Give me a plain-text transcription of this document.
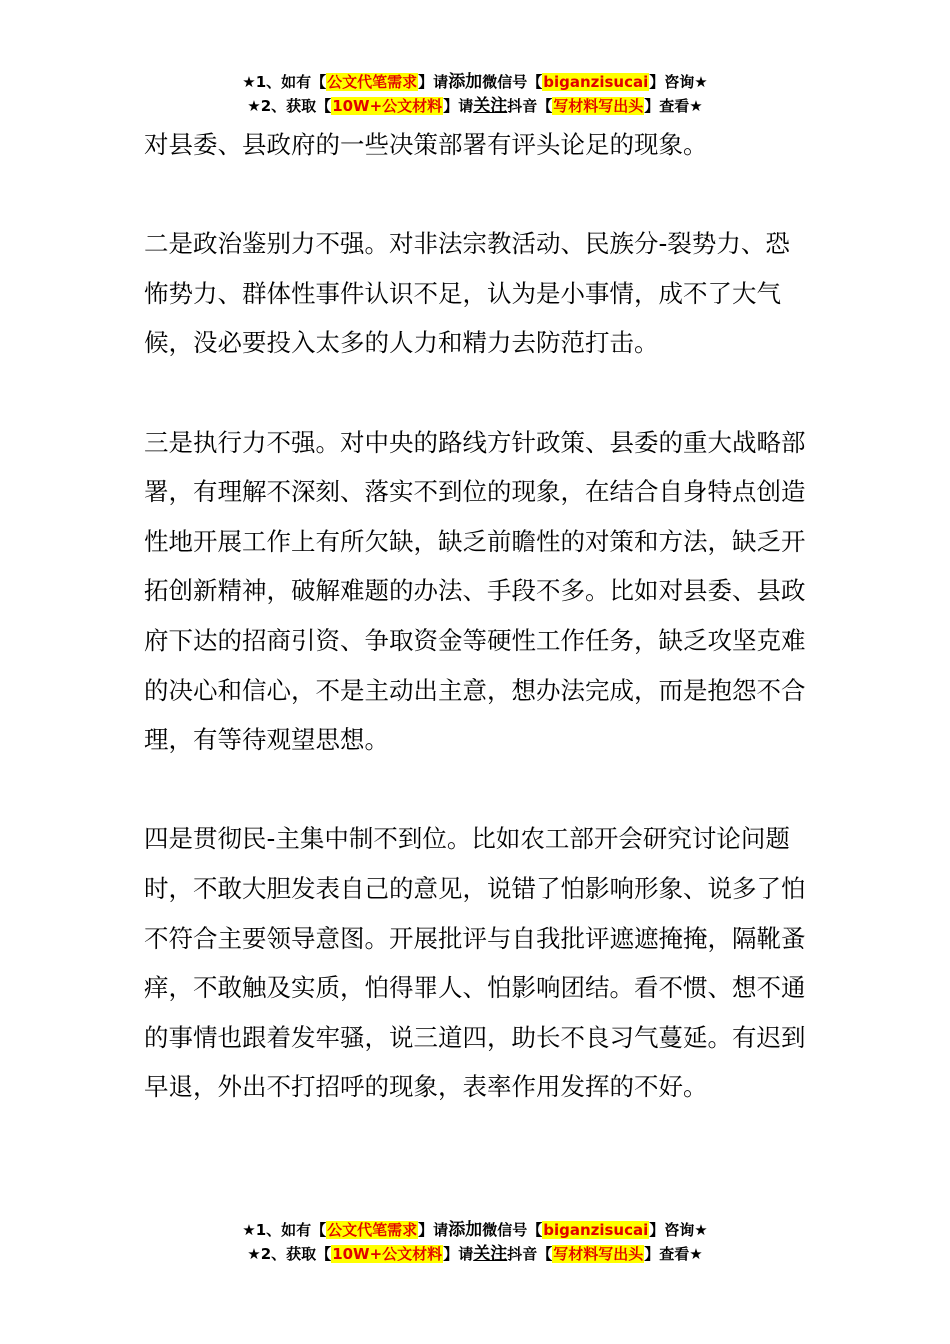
★1、如有【公文代笔需求】请添加微信号【biganzisucai】咨询★
★2、获取【10W+公文材料】请关注抖音【写材料写出头】查看★

对县委、县政府的一些决策部署有评头论足的现象。

二是政治鉴别力不强。对非法宗教活动、民族分-裂势力、恐怖势力、群体性事件认识不足，认为是小事情，成不了大气候，没必要投入太多的人力和精力去防范打击。

三是执行力不强。对中央的路线方针政策、县委的重大战略部署，有理解不深刻、落实不到位的现象，在结合自身特点创造性地开展工作上有所欠缺，缺乏前瞻性的对策和方法，缺乏开拓创新精神，破解难题的办法、手段不多。比如对县委、县政府下达的招商引资、争取资金等硬性工作任务，缺乏攻坚克难的决心和信心，不是主动出主意，想办法完成，而是抱怨不合理，有等待观望思想。

四是贯彻民-主集中制不到位。比如农工部开会研究讨论问题时，不敢大胆发表自己的意见，说错了怕影响形象、说多了怕不符合主要领导意图。开展批评与自我批评遮遮掩掩，隔靴蚤痒，不敢触及实质，怕得罪人、怕影响团结。看不惯、想不通的事情也跟着发牢骚，说三道四，助长不良习气蔓延。有迟到早退，外出不打招呼的现象，表率作用发挥的不好。

★1、如有【公文代笔需求】请添加微信号【biganzisucai】咨询★
★2、获取【10W+公文材料】请关注抖音【写材料写出头】查看★
